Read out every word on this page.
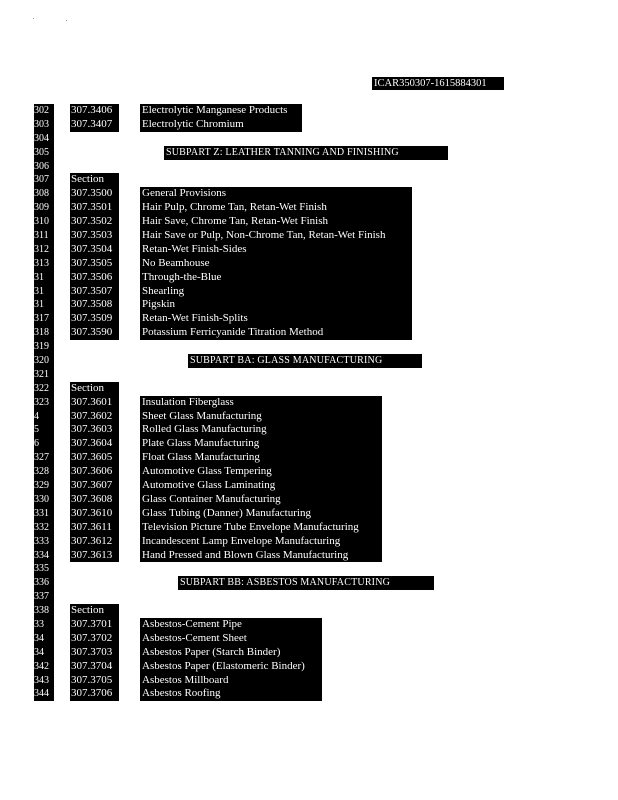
ICAR350307-1615884301
302	307.3406	Electrolytic Manganese Products
303	307.3407	Electrolytic Chromium
304
305	SUBPART Z: LEATHER TANNING AND FINISHING
306
307	Section
308	307.3500	General Provisions
309	307.3501	Hair Pulp, Chrome Tan, Retan-Wet Finish
310	307.3502	Hair Save, Chrome Tan, Retan-Wet Finish
311	307.3503	Hair Save or Pulp, Non-Chrome Tan, Retan-Wet Finish
312	307.3504	Retan-Wet Finish-Sides
313	307.3505	No Beamhouse
31	307.3506	Through-the-Blue
31	307.3507	Shearling
31	307.3508	Pigskin
317	307.3509	Retan-Wet Finish-Splits
318	307.3590	Potassium Ferricyanide Titration Method
319
320	SUBPART BA: GLASS MANUFACTURING
321
322	Section
323	307.3601	Insulation Fiberglass
4	307.3602	Sheet Glass Manufacturing
5	307.3603	Rolled Glass Manufacturing
6	307.3604	Plate Glass Manufacturing
327	307.3605	Float Glass Manufacturing
328	307.3606	Automotive Glass Tempering
329	307.3607	Automotive Glass Laminating
330	307.3608	Glass Container Manufacturing
331	307.3610	Glass Tubing (Danner) Manufacturing
332	307.3611	Television Picture Tube Envelope Manufacturing
333	307.3612	Incandescent Lamp Envelope Manufacturing
334	307.3613	Hand Pressed and Blown Glass Manufacturing
335
336	SUBPART BB: ASBESTOS MANUFACTURING
337
338	Section
33	307.3701	Asbestos-Cement Pipe
34	307.3702	Asbestos-Cement Sheet
34	307.3703	Asbestos Paper (Starch Binder)
342	307.3704	Asbestos Paper (Elastomeric Binder)
343	307.3705	Asbestos Millboard
344	307.3706	Asbestos Roofing
